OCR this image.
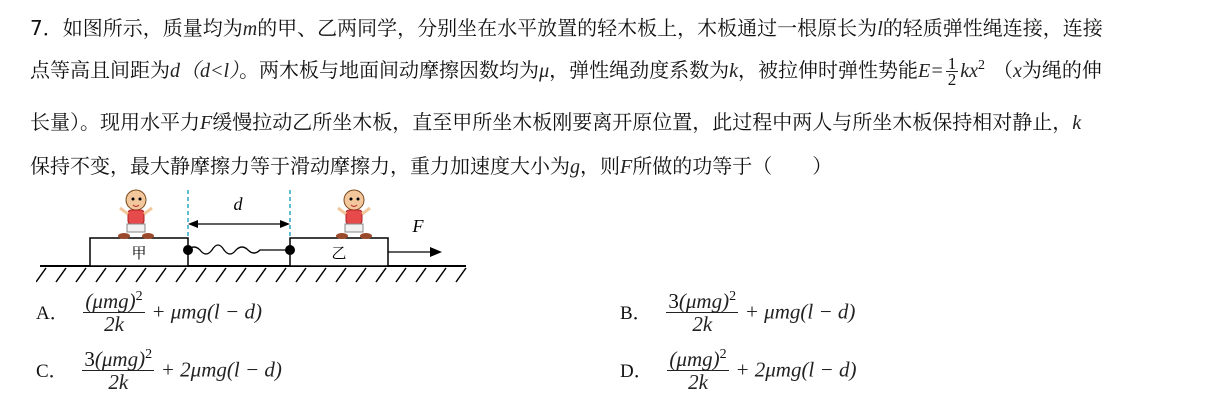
7．如图所示，质量均为m的甲、乙两同学，分别坐在水平放置的轻木板上，木板通过一根原长为l的轻质弹性绳连接，连接
点等高且间距为d（d<l）。两木板与地面间动摩擦因数均为μ，弹性绳劲度系数为k，被拉伸时弹性势能$E= \frac{1}{2} kx^2$ （x为绳的伸
长量）。现用水平力F缓慢拉动乙所坐木板，直至甲所坐木板刚要离开原位置，此过程中两人与所坐木板保持相对静止，k
保持不变，最大静摩擦力等于滑动摩擦力，重力加速度大小为g，则F所做的功等于（　　）
甲	乙
d
F
A． $\frac{(\mu mg)^2}{2k} + \mu mg(l - d)$	B． $\frac{3(\mu mg)^2}{2k} + \mu mg(l - d)$
C． $\frac{3(\mu mg)^2}{2k} + 2\mu mg(l - d)$	D． $\frac{(\mu mg)^2}{2k} + 2\mu mg(l - d)$
